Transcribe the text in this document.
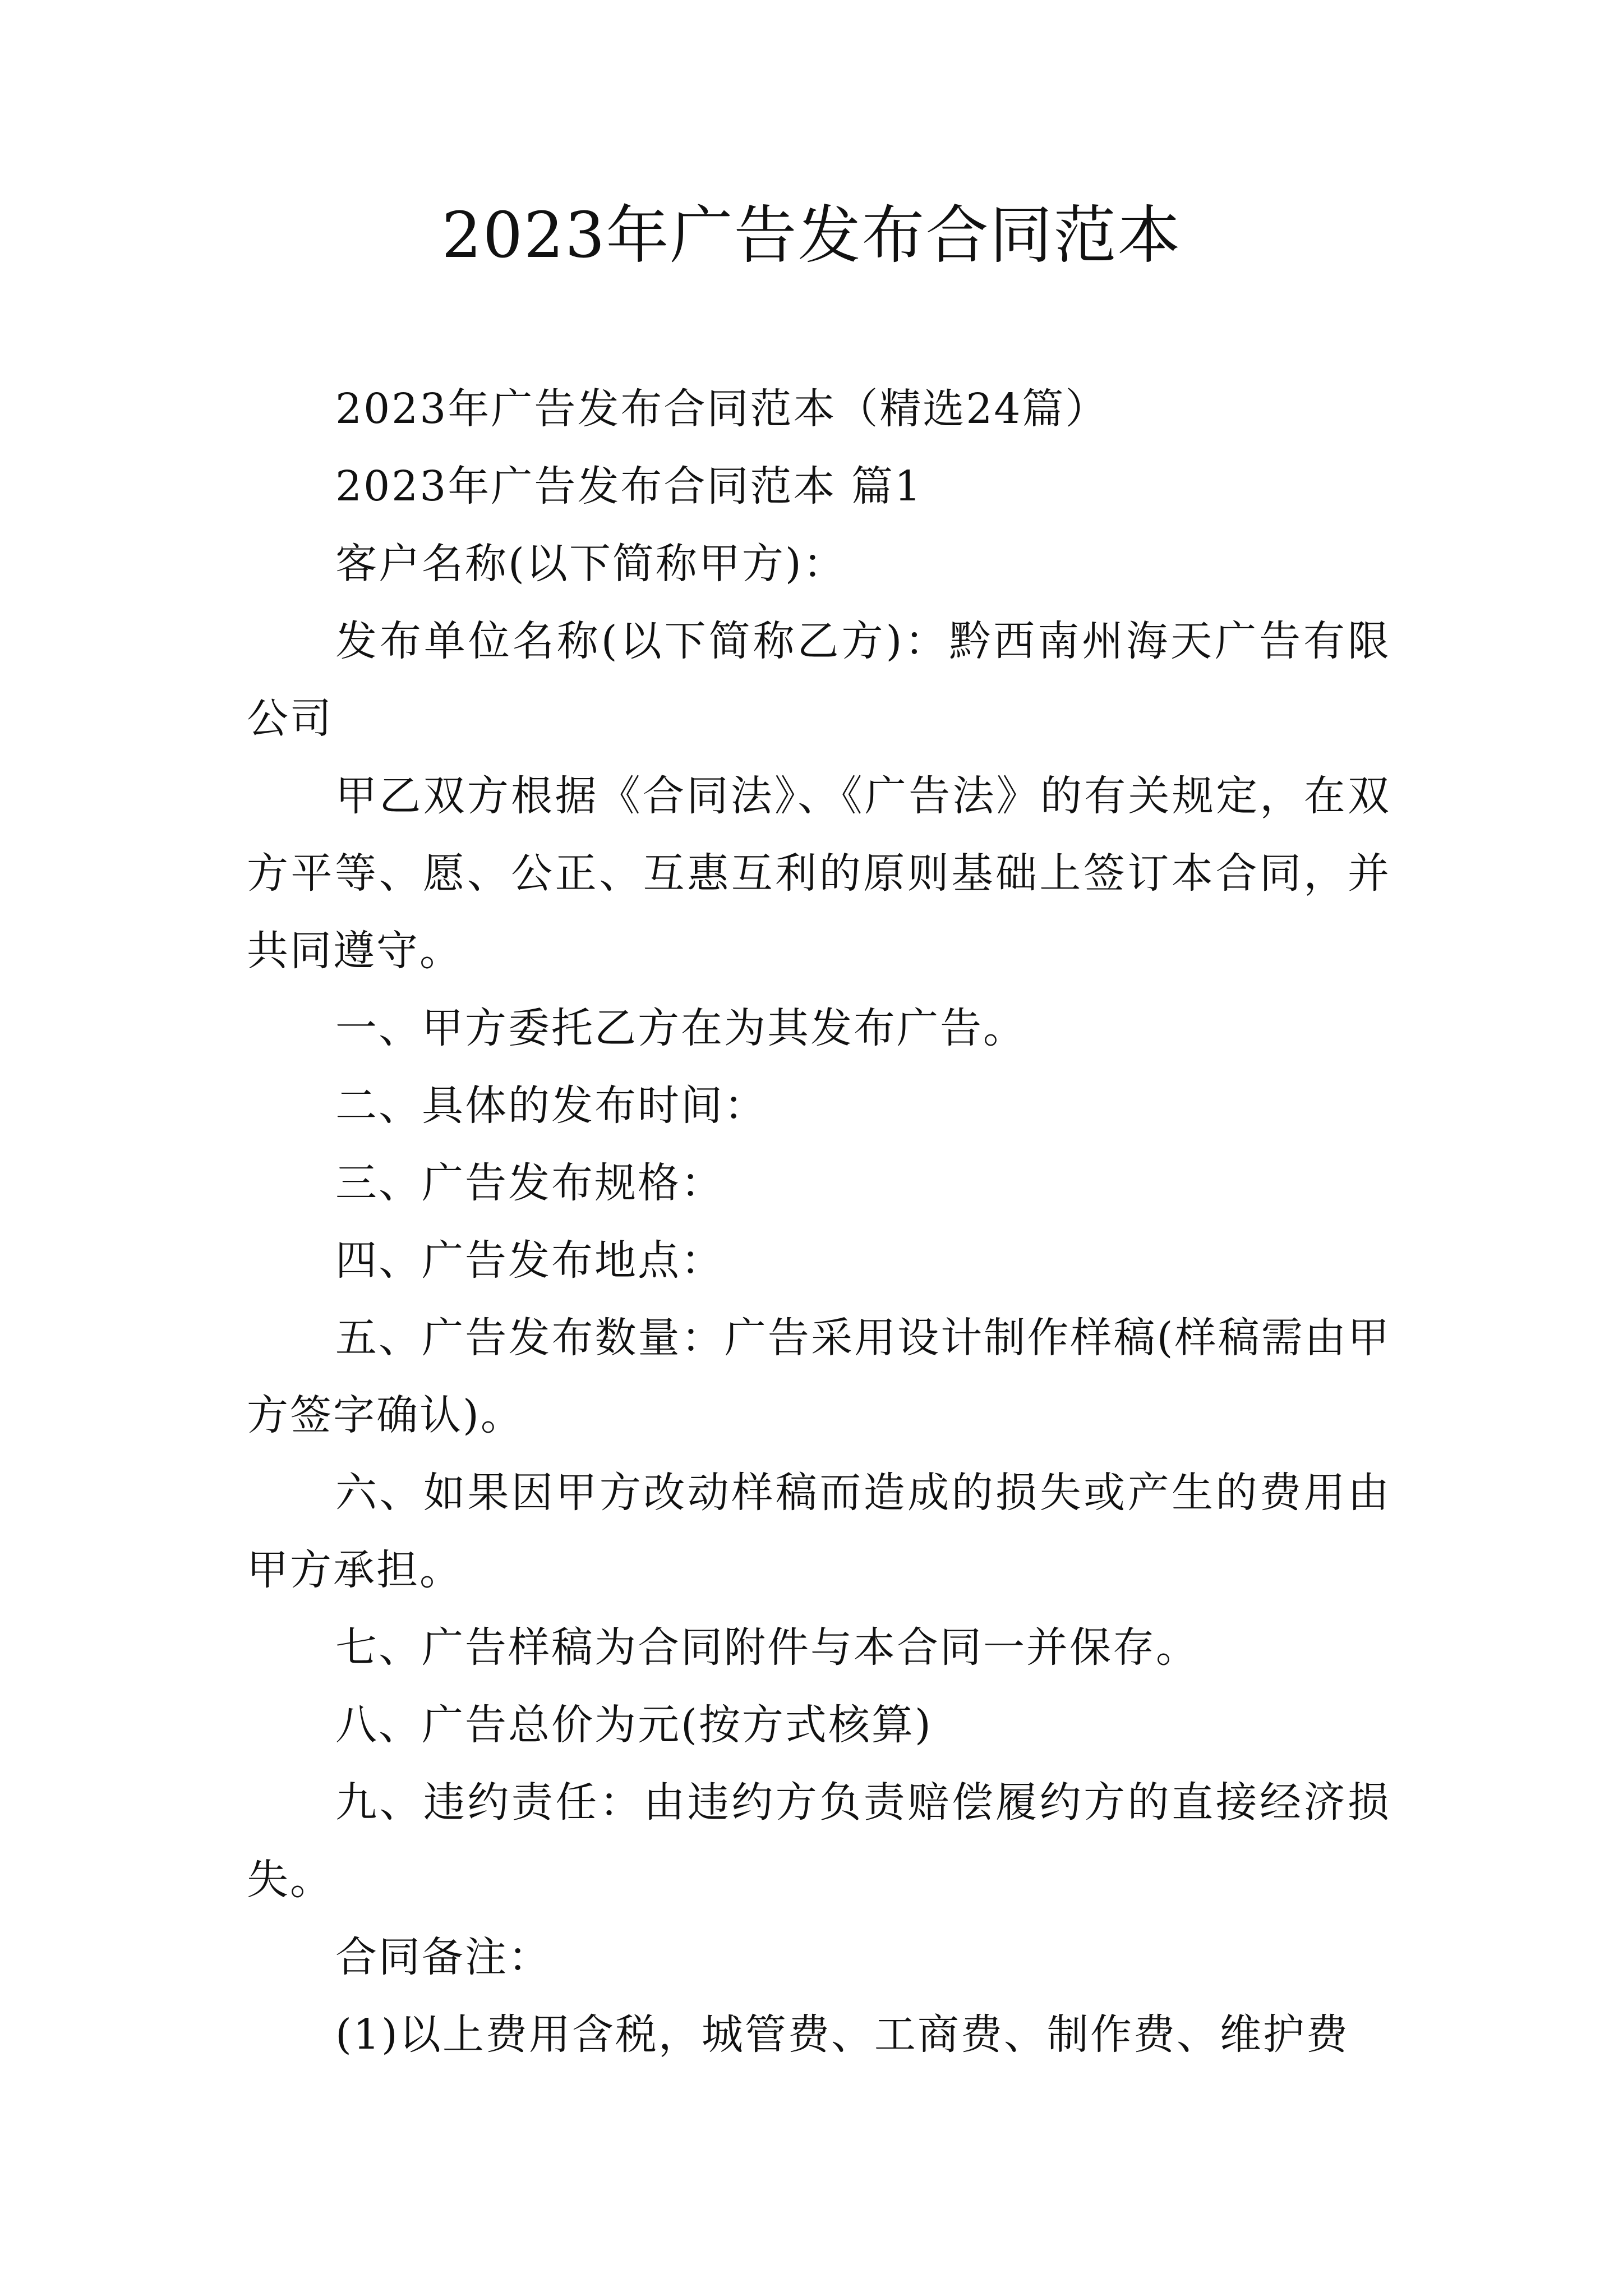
2023年广告发布合同范本

2023年广告发布合同范本（精选24篇）

2023年广告发布合同范本 篇1

客户名称(以下简称甲方)：

发布单位名称(以下简称乙方)：黔西南州海天广告有限公司

甲乙双方根据《合同法》、《广告法》的有关规定，在双方平等、愿、公正、互惠互利的原则基础上签订本合同，并共同遵守。

一、甲方委托乙方在为其发布广告。

二、具体的发布时间：

三、广告发布规格：

四、广告发布地点：

五、广告发布数量：广告采用设计制作样稿(样稿需由甲方签字确认)。

六、如果因甲方改动样稿而造成的损失或产生的费用由甲方承担。

七、广告样稿为合同附件与本合同一并保存。

八、广告总价为元(按方式核算)

九、违约责任：由违约方负责赔偿履约方的直接经济损失。

合同备注：

(1)以上费用含税，城管费、工商费、制作费、维护费
